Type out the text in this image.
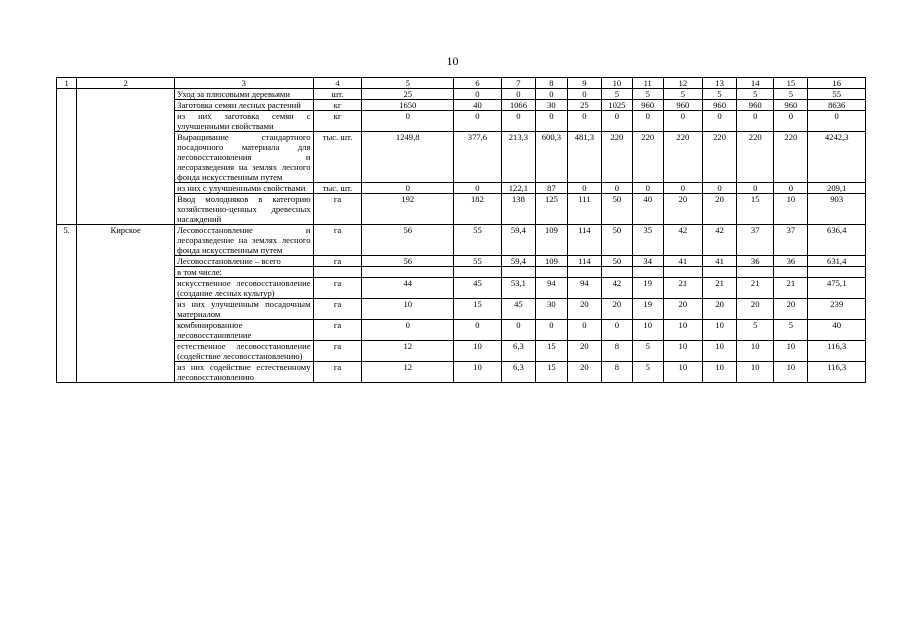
10
1	2	3	4	5	6	7	8	9	10	11	12	13	14	15	16
		Уход за плюсовыми деревьями	шт.	25	0	0	0	0	5	5	5	5	5	5	55
		Заготовка семян лесных растений	кг	1650	40	1066	30	25	1025	960	960	960	960	960	8636
		из них заготовка семян с улучшенными свойствами	кг	0	0	0	0	0	0	0	0	0	0	0	0
		Выращивание стандартного посадочного материала для лесовосстановления и лесоразведения на землях лесного фонда искусственным путем	тыс. шт.	1249,8	377,6	213,3	600,3	481,3	220	220	220	220	220	220	4242,3
		из них с улучшенными свойствами	тыс. шт.	0	0	122,1	87	0	0	0	0	0	0	0	209,1
		Ввод молодняков в категорию хозяйственно-ценных древесных насаждений	га	192	182	138	125	111	50	40	20	20	15	10	903
5.	Кирское	Лесовосстановление и лесоразведение на землях лесного фонда искусственным путем	га	56	55	59,4	109	114	50	35	42	42	37	37	636,4
		Лесовосстановление – всего	га	56	55	59,4	109	114	50	34	41	41	36	36	631,4
		в том числе:													
		искусственное лесовосстановление (создание лесных культур)	га	44	45	53,1	94	94	42	19	21	21	21	21	475,1
		из них улучшенным посадочным материалом	га	10	15	45	30	20	20	19	20	20	20	20	239
		комбинированное лесовосстановление	га	0	0	0	0	0	0	10	10	10	5	5	40
		естественное лесовосстановление (содействие лесовосстановлению)	га	12	10	6,3	15	20	8	5	10	10	10	10	116,3
		из них содействие естественному лесовосстановлению	га	12	10	6,3	15	20	8	5	10	10	10	10	116,3
